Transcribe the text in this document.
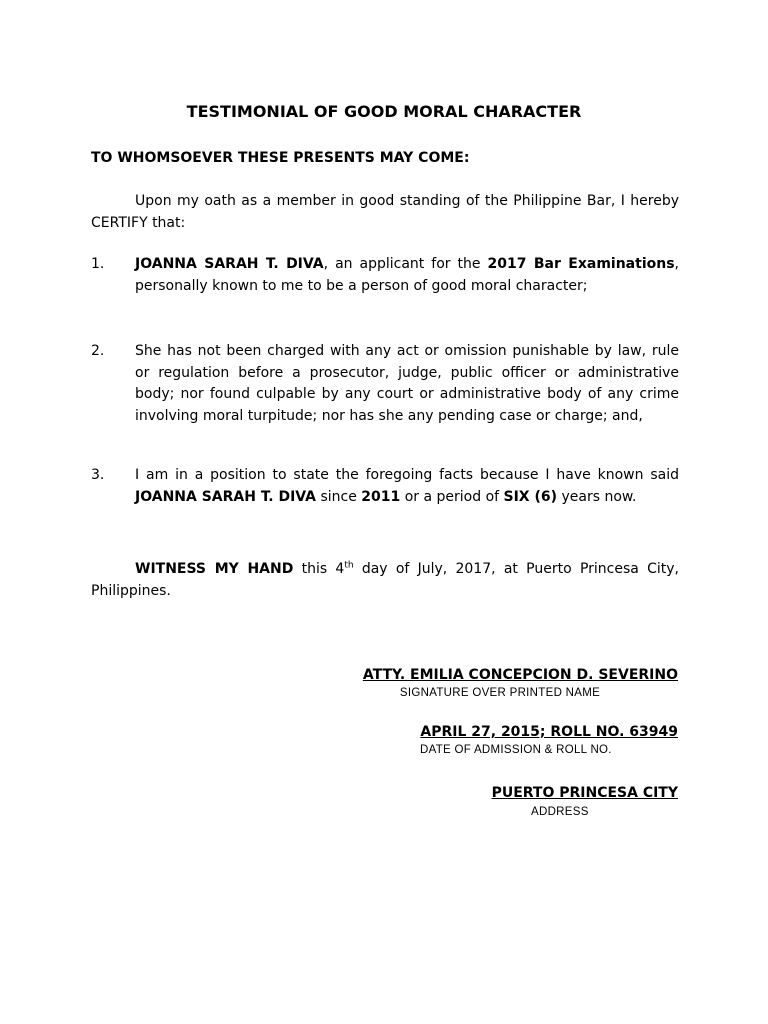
TESTIMONIAL OF GOOD MORAL CHARACTER
TO WHOMSOEVER THESE PRESENTS MAY COME:
Upon my oath as a member in good standing of the Philippine Bar, I hereby CERTIFY that:
1. JOANNA SARAH T. DIVA, an applicant for the 2017 Bar Examinations, personally known to me to be a person of good moral character;
2. She has not been charged with any act or omission punishable by law, rule or regulation before a prosecutor, judge, public officer or administrative body; nor found culpable by any court or administrative body of any crime involving moral turpitude; nor has she any pending case or charge; and,
3. I am in a position to state the foregoing facts because I have known said JOANNA SARAH T. DIVA since 2011 or a period of SIX (6) years now.
WITNESS MY HAND this 4th day of July, 2017, at Puerto Princesa City, Philippines.
ATTY. EMILIA CONCEPCION D. SEVERINO
SIGNATURE OVER PRINTED NAME
APRIL 27, 2015; ROLL NO. 63949
DATE OF ADMISSION & ROLL NO.
PUERTO PRINCESA CITY
ADDRESS
